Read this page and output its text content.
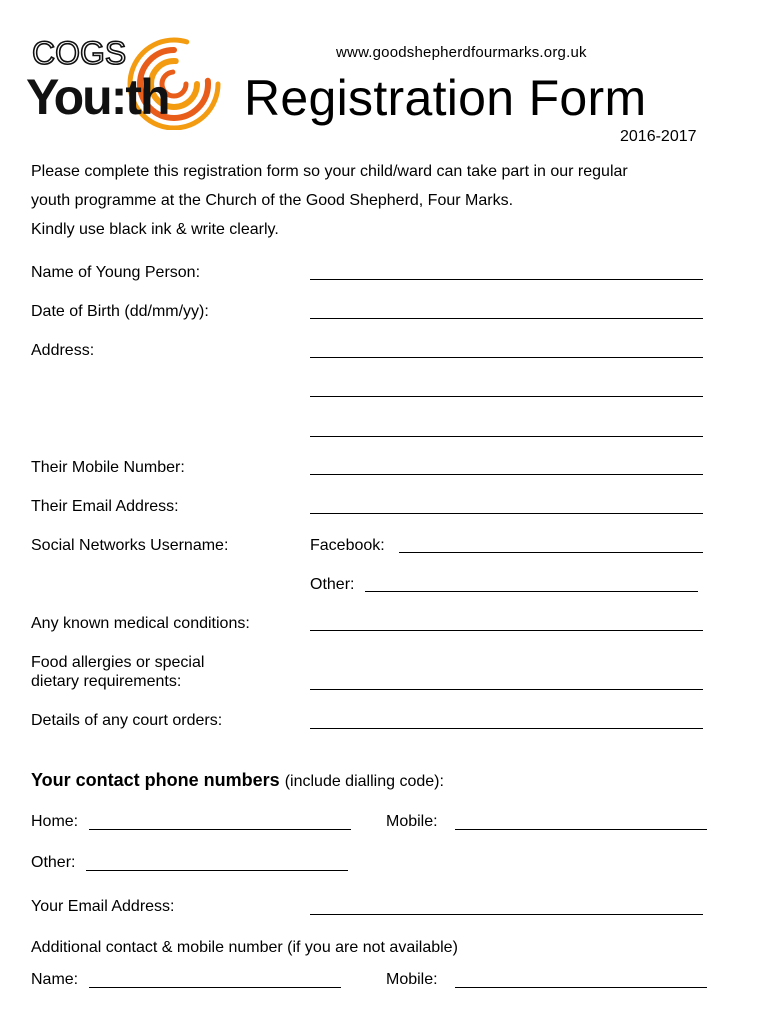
COGS
You:th
www.goodshepherdfourmarks.org.uk
Registration Form
2016-2017
Please complete this registration form so your child/ward can take part in our regular
youth programme at the Church of the Good Shepherd, Four Marks.
Kindly use black ink & write clearly.
Name of Young Person:
Date of Birth (dd/mm/yy):
Address:
Their Mobile Number:
Their Email Address:
Social Networks Username:	Facebook:
Other:
Any known medical conditions:
Food allergies or special
dietary requirements:
Details of any court orders:
Your contact phone numbers (include dialling code):
Home:	Mobile:
Other:
Your Email Address:
Additional contact & mobile number (if you are not available)
Name:	Mobile:
